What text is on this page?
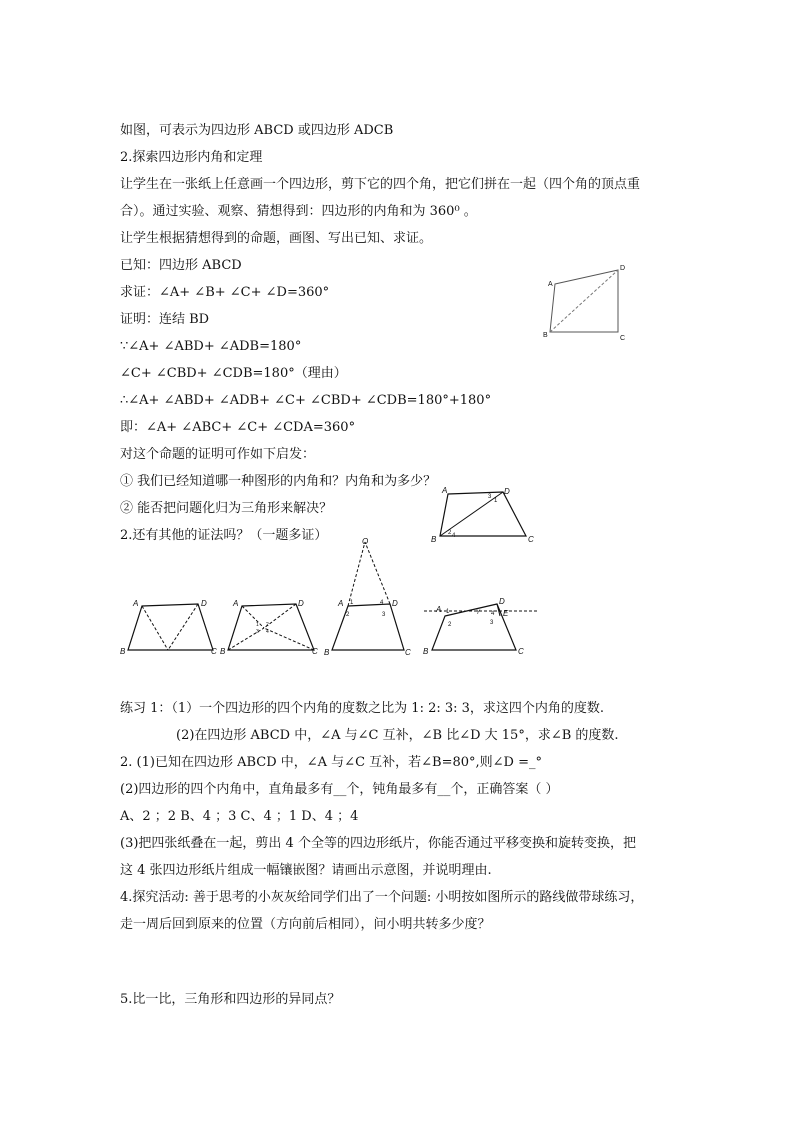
如图，可表示为四边形 ABCD 或四边形 ADCB
2.探索四边形内角和定理
让学生在一张纸上任意画一个四边形，剪下它的四个角，把它们拼在一起（四个角的顶点重
合）。通过实验、观察、猜想得到：四边形的内角和为 360⁰ 。
让学生根据猜想得到的命题，画图、写出已知、求证。
已知：四边形 ABCD
求证：∠A+ ∠B+ ∠C+ ∠D=360°
证明：连结 BD
∵∠A+ ∠ABD+ ∠ADB=180°
∠C+ ∠CBD+ ∠CDB=180°（理由）
∴∠A+ ∠ABD+ ∠ADB+ ∠C+ ∠CBD+ ∠CDB=180°+180°
即：∠A+ ∠ABC+ ∠C+ ∠CDA=360°
对这个命题的证明可作如下启发：
① 我们已经知道哪一种图形的内角和？内角和为多少？
② 能否把问题化归为三角形来解决？
2.还有其他的证法吗？（一题多证）
练习 1：（1）一个四边形的四个内角的度数之比为 1: 2: 3: 3，求这四个内角的度数.
(2)在四边形 ABCD 中，∠A 与∠C 互补，∠B 比∠D 大 15°，求∠B 的度数.
2. (1)已知在四边形 ABCD 中，∠A 与∠C 互补，若∠B=80°,则∠D =_°
(2)四边形的四个内角中，直角最多有__个，钝角最多有__个，正确答案（ ）
A、2 ；2 B、4 ；3 C、4 ；1 D、4 ；4
(3)把四张纸叠在一起，剪出 4 个全等的四边形纸片，你能否通过平移变换和旋转变换，把
这 4 张四边形纸片组成一幅镶嵌图？请画出示意图，并说明理由.
4.探究活动: 善于思考的小灰灰给同学们出了一个问题: 小明按如图所示的路线做带球练习，
走一周后回到原来的位置（方向前后相同），问小明共转多少度？
5.比一比，三角形和四边形的异同点？
A
B	C
D
A
B	C
D
1
2
3
4
A
B	C
D	A
B	C
D
1 2
3 4
O
A
B	C
D
1
2	3
4
A
B	C
D
E
1
2	3
4
Y
